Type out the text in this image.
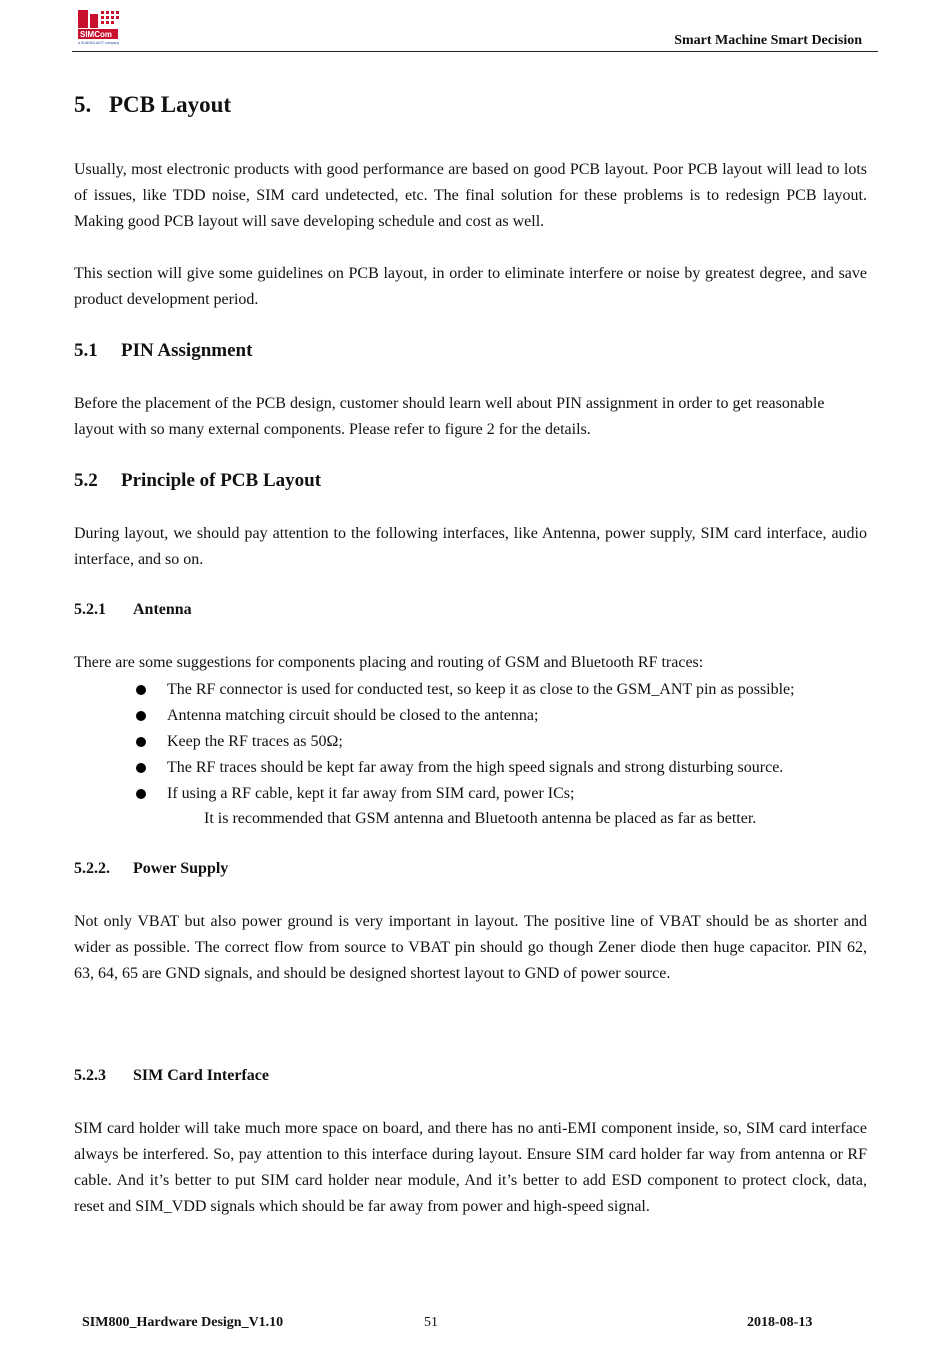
SIMCom
a SUNSEA AIOT company	Smart Machine Smart Decision
5. PCB Layout

Usually, most electronic products with good performance are based on good PCB layout. Poor PCB layout will lead to lots of issues, like TDD noise, SIM card undetected, etc. The final solution for these problems is to redesign PCB layout. Making good PCB layout will save developing schedule and cost as well.

This section will give some guidelines on PCB layout, in order to eliminate interfere or noise by greatest degree, and save product development period.

5.1 PIN Assignment

Before the placement of the PCB design, customer should learn well about PIN assignment in order to get reasonable layout with so many external components. Please refer to figure 2 for the details.

5.2 Principle of PCB Layout

During layout, we should pay attention to the following interfaces, like Antenna, power supply, SIM card interface, audio interface, and so on.

5.2.1 Antenna

There are some suggestions for components placing and routing of GSM and Bluetooth RF traces:

The RF connector is used for conducted test, so keep it as close to the GSM_ANT pin as possible;
Antenna matching circuit should be closed to the antenna;
Keep the RF traces as 50Ω;
The RF traces should be kept far away from the high speed signals and strong disturbing source.
If using a RF cable, kept it far away from SIM card, power ICs;
It is recommended that GSM antenna and Bluetooth antenna be placed as far as better.
5.2.2. Power Supply

Not only VBAT but also power ground is very important in layout. The positive line of VBAT should be as shorter and wider as possible. The correct flow from source to VBAT pin should go though Zener diode then huge capacitor. PIN 62, 63, 64, 65 are GND signals, and should be designed shortest layout to GND of power source.

5.2.3 SIM Card Interface

SIM card holder will take much more space on board, and there has no anti-EMI component inside, so, SIM card interface always be interfered. So, pay attention to this interface during layout. Ensure SIM card holder far way from antenna or RF cable. And it’s better to put SIM card holder near module, And it’s better to add ESD component to protect clock, data, reset and SIM_VDD signals which should be far away from power and high-speed signal.

SIM800_Hardware Design_V1.10	51	2018-08-13
